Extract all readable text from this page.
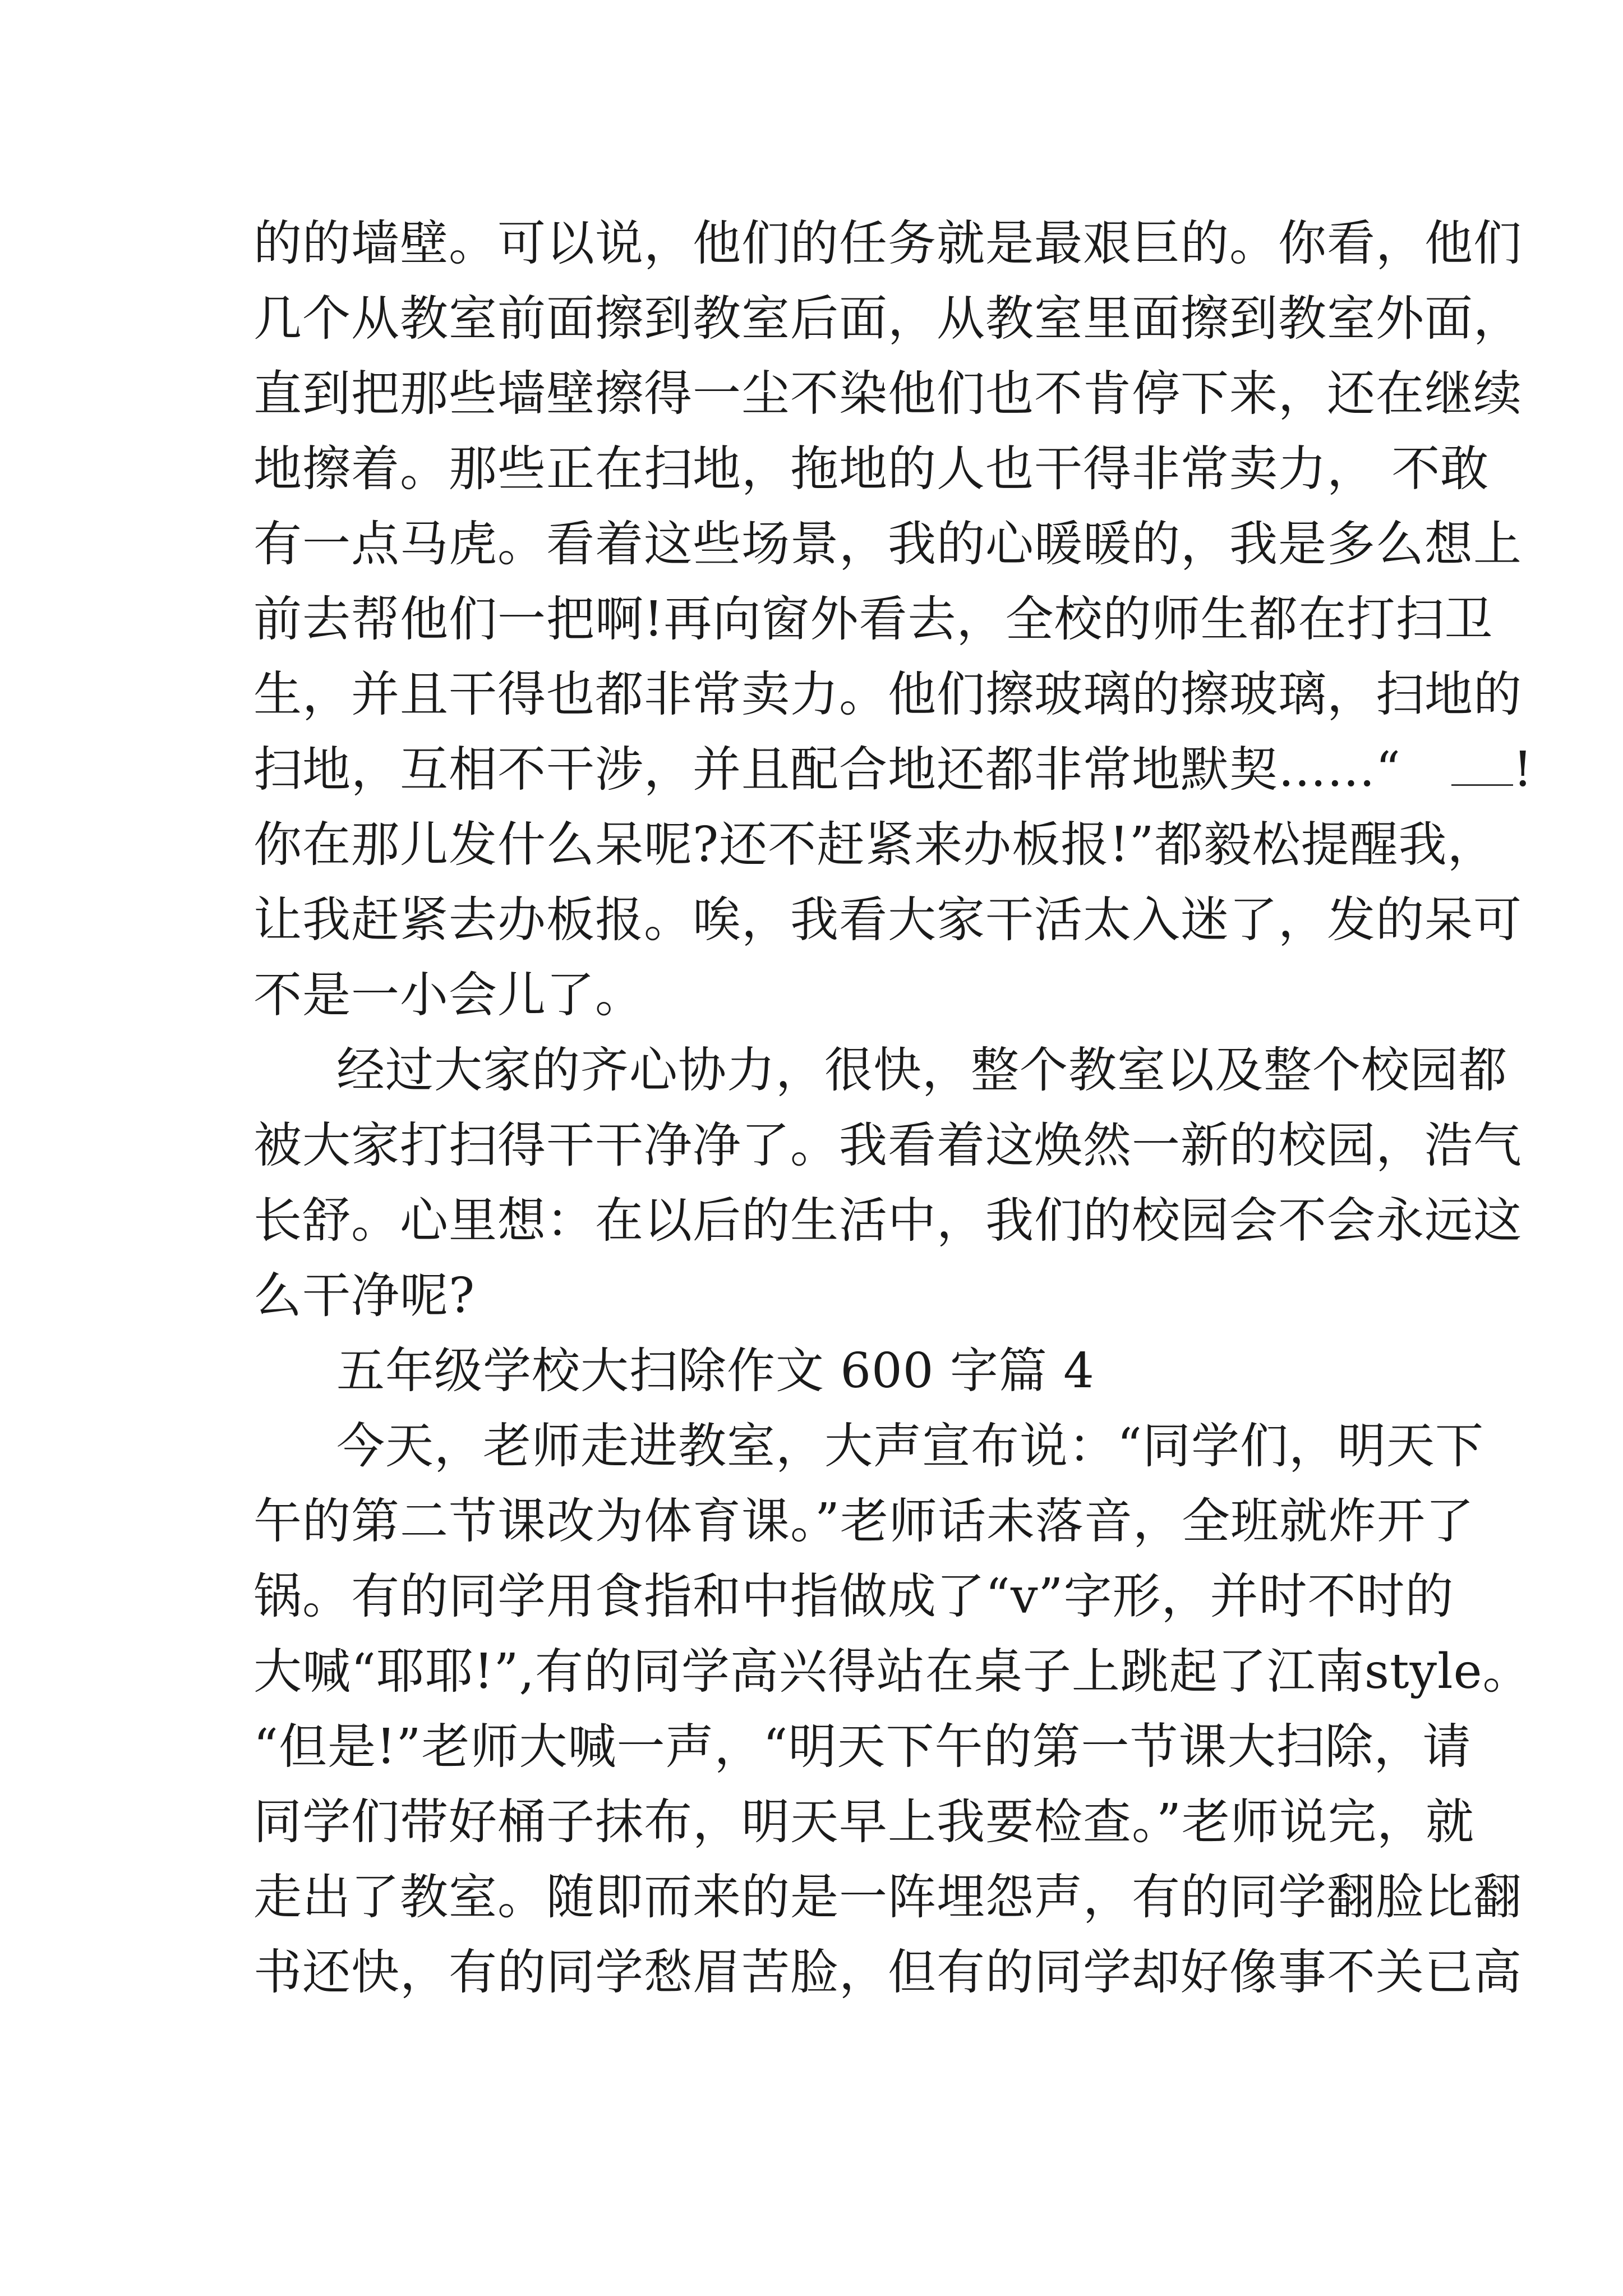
的的墙壁。可以说，他们的任务就是最艰巨的。你看，他们
几个从教室前面擦到教室后面，从教室里面擦到教室外面，
直到把那些墙壁擦得一尘不染他们也不肯停下来，还在继续
地擦着。那些正在扫地，拖地的人也干得非常卖力， 不敢
有一点马虎。看着这些场景，我的心暖暖的，我是多么想上
前去帮他们一把啊!再向窗外看去，全校的师生都在打扫卫
生，并且干得也都非常卖力。他们擦玻璃的擦玻璃，扫地的
扫地，互相不干涉，并且配合地还都非常地默契……“ !
你在那儿发什么呆呢?还不赶紧来办板报!”都毅松提醒我，
让我赶紧去办板报。唉，我看大家干活太入迷了，发的呆可
不是一小会儿了。
经过大家的齐心协力，很快，整个教室以及整个校园都
被大家打扫得干干净净了。我看着这焕然一新的校园，浩气
长舒。心里想：在以后的生活中，我们的校园会不会永远这
么干净呢?
五年级学校大扫除作文 600 字篇 4
今天，老师走进教室，大声宣布说：“同学们，明天下
午的第二节课改为体育课。”老师话未落音，全班就炸开了
锅。有的同学用食指和中指做成了“v”字形，并时不时的
大喊“耶耶!”,有的同学高兴得站在桌子上跳起了江南style。
“但是!”老师大喊一声，“明天下午的第一节课大扫除，请
同学们带好桶子抹布，明天早上我要检查。”老师说完，就
走出了教室。随即而来的是一阵埋怨声，有的同学翻脸比翻
书还快，有的同学愁眉苦脸，但有的同学却好像事不关已高
